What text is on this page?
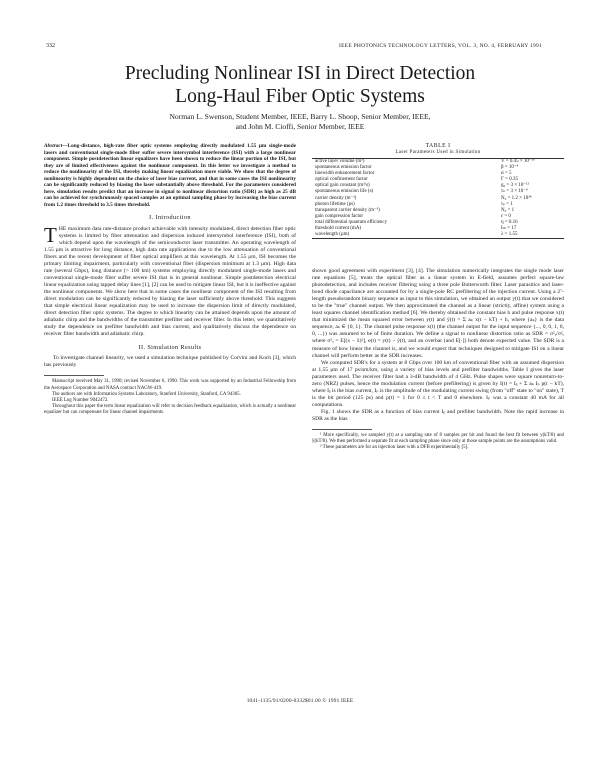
332	IEEE PHOTONICS TECHNOLOGY LETTERS, VOL. 3, NO. 4, FEBRUARY 1991
Precluding Nonlinear ISI in Direct Detection
Long-Haul Fiber Optic Systems
Norman L. Swenson, Student Member, IEEE, Barry L. Shoop, Senior Member, IEEE,
and John M. Cioffi, Senior Member, IEEE
Abstract—Long-distance, high-rate fiber optic systems employing directly modulated 1.55 μm single-mode lasers and conventional single-mode fiber suffer severe intersymbol interference (ISI) with a large nonlinear component. Simple postdetection linear equalizers have been shown to reduce the linear portion of the ISI, but they are of limited effectiveness against the nonlinear component. In this letter we investigate a method to reduce the nonlinearity of the ISI, thereby making linear equalization more viable. We show that the degree of nonlinearity is highly dependent on the choice of laser bias current, and that in some cases the ISI nonlinearity can be significantly reduced by biasing the laser substantially above threshold. For the parameters considered here, simulation results predict that an increase in signal to nonlinear distortion ratio (SDR) as high as 25 dB can be achieved for synchronously spaced samples at an optimal sampling phase by increasing the bias current from 1.2 times threshold to 3.5 times threshold.
I. Introduction
THE maximum data rate-distance product achievable with intensity modulated, direct detection fiber optic systems is limited by fiber attenuation and dispersion induced intersymbol interference (ISI), both of which depend upon the wavelength of the semiconductor laser transmitter. An operating wavelength of 1.55 μm is attractive for long distance, high data rate applications due to the low attenuation of conventional fibers and the recent development of fiber optical amplifiers at this wavelength. At 1.55 μm, ISI becomes the primary limiting impairment, particularly with conventional fiber (dispersion minimum at 1.3 μm). High data rate (several Gbps), long distance (> 100 km) systems employing directly modulated single-mode lasers and conventional single-mode fiber suffer severe ISI that is in general nonlinear. Simple postdetection electrical linear equalization using tapped delay lines [1], [2] can be used to mitigate linear ISI, but it is ineffective against the nonlinear components. We show here that in some cases the nonlinear component of the ISI resulting from direct modulation can be significantly reduced by biasing the laser sufficiently above threshold. This suggests that simple electrical linear equalization may be used to increase the dispersion limit of directly modulated, direct detection fiber optic systems. The degree to which linearity can be attained depends upon the amount of adiabatic chirp and the bandwidths of the transmitter prefilter and receiver filter. In this letter, we quantitatively study the dependence on prefilter bandwidth and bias current, and qualitatively discuss the dependence on receiver filter bandwidth and adiabatic chirp.
II. Simulation Results

To investigate channel linearity, we used a simulation technique published by Corvini and Koch [3], which has previously

Manuscript received May 31, 1990; revised November 6, 1990. This work was supported by an Industrial Fellowship from the Aerospace Corporation and NASA contract NAGW-419.

The authors are with Information Systems Laboratory, Stanford University, Stanford, CA 94305.

IEEE Log Number 9042472.

Throughout this paper the term linear equalization will refer to decision feedback equalization, which is actually a nonlinear equalizer but can compensate for linear channel impairments.

TABLE I
Laser Parameters Used in Simulation
active layer volume (m³)	V = 0.45 × 10⁻¹⁶
spontaneous emission factor	β = 10⁻⁴
linewidth enhancement factor	α = 5
optical confinement factor	Γ = 0.35
optical gain constant (m³/s)	g₀ = 3 × 10⁻¹²
spontaneous emission life (s)	τₙ = 3 × 10⁻⁹
carrier density (m⁻³)	N₀ = 1.2 × 10²⁴
photon lifetime (ps)	τₚ = 1
transparent carrier density (m⁻³)	N₀ = 1
gain compression factor	ε = 0
total differential quantum efficiency	η = 0.16
threshold current (mA)	Iₜₕ = 17
wavelength (μm)	λ = 1.55

shown good agreement with experiment [3], [4]. The simulation numerically integrates the single mode laser rate equations [5], treats the optical fiber as a linear system in E-field, assumes perfect square-law photodetection, and includes receiver filtering using a three pole Butterworth filter. Laser parasitics and laser-bond diode capacitance are accounted for by a single-pole RC prefiltering of the injection current. Using a 2⁷-length pseudorandom binary sequence as input to this simulation, we obtained an output y(t) that we considered to be the "true" channel output. We then approximated the channel as a linear (strictly, affine) system using a least squares channel identification method [6]. We thereby obtained the constant bias h and pulse response x(t) that minimized the mean squared error between y(t) and ŷ(t) = Σ aₖ x(t − kT) + h, where {aₖ} is the data sequence, aₖ ∈ {0, 1}. The channel pulse response x(t) (the channel output for the input sequence {..., 0, 0, 1, 0, 0, ...}) was assumed to be of finite duration. We define a signal to nonlinear distortion ratio as SDR = σ²ₓ/σ²ₑ where σ²ₓ = E[(x − x̄)²], e(t) = y(t) − ŷ(t), and an overbar (and E[·]) both denote expected value. The SDR is a measure of how linear the channel is, and we would expect that techniques designed to mitigate ISI on a linear channel will perform better as the SDR increases.

We computed SDR's for a system at 8 Gbps over 100 km of conventional fiber with an assumed dispersion at 1.55 μm of 17 ps/nm/km, using a variety of bias levels and prefilter bandwidths. Table I gives the laser parameters used. The receiver filter had a 3-dB bandwidth of 4 GHz. Pulse shapes were square nonreturn-to-zero (NRZ) pulses, hence the modulation current (before prefiltering) is given by I(t) = Iᵦ + Σ aₖ Iₚ p(t − kT), where Iᵦ is the bias current, Iₚ is the amplitude of the modulating current swing (from "off" state to "on" state), T is the bit period (125 ps) and p(t) = 1 for 0 ≤ t < T and 0 elsewhere. Iₚ was a constant 40 mA for all computations.

Fig. 1 shows the SDR as a function of bias current Iᵦ and prefilter bandwidth. Note the rapid increase in SDR as the bias

¹ More specifically, we sampled y(t) at a sampling rate of 8 samples per bit and found the best fit between y(kT/8) and ŷ(kT/8). We then performed a separate fit at each sampling phase since only at those sample points are the assumptions valid.

² These parameters are for an injection laser with a DFB experimentally [5].

1041-1135/91/0200-0332$01.00 © 1991 IEEE
